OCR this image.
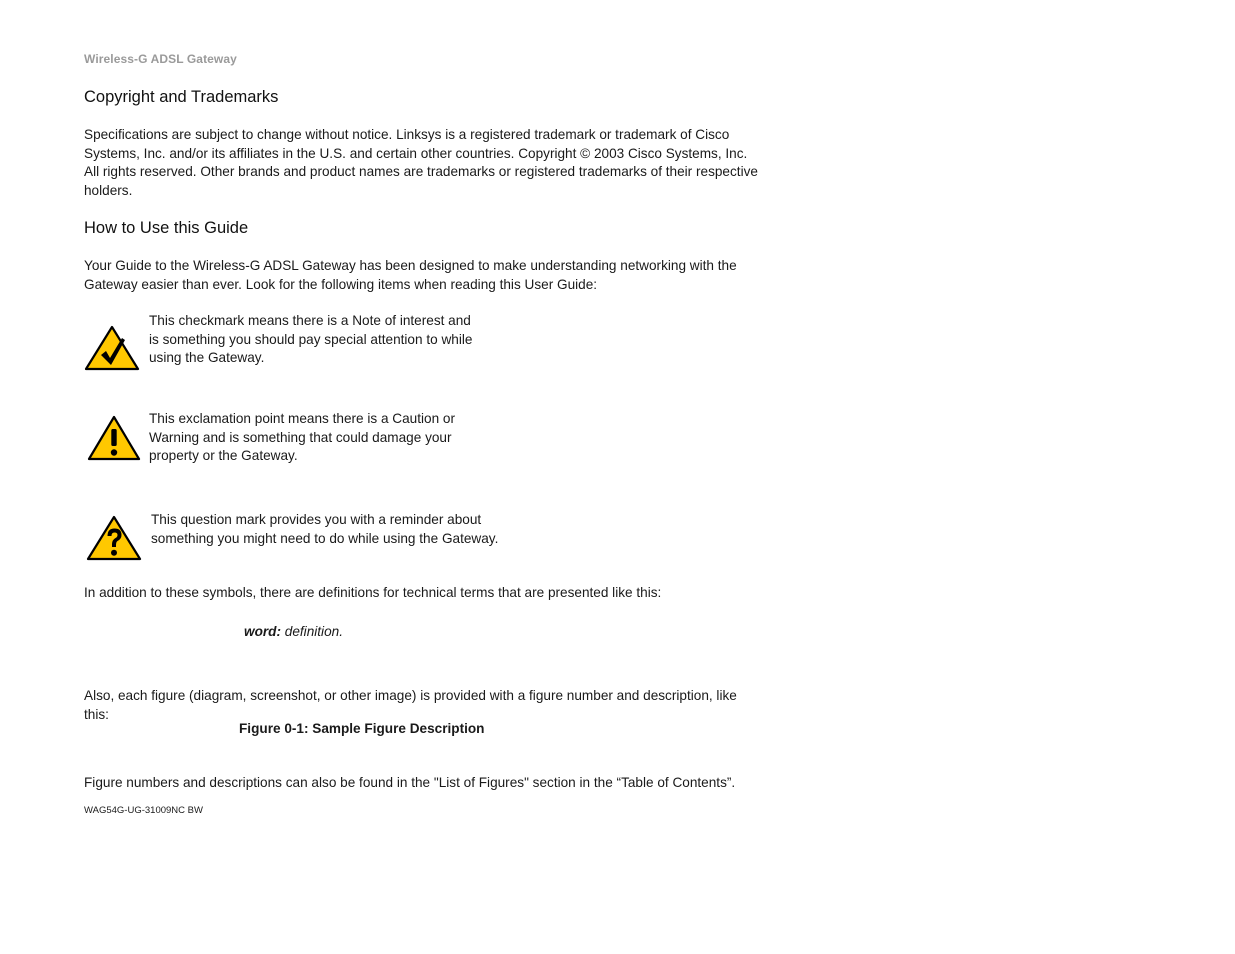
Wireless-G ADSL Gateway
Copyright and Trademarks

Specifications are subject to change without notice. Linksys is a registered trademark or trademark of Cisco Systems, Inc. and/or its affiliates in the U.S. and certain other countries. Copyright © 2003 Cisco Systems, Inc. All rights reserved. Other brands and product names are trademarks or registered trademarks of their respective holders.

How to Use this Guide

Your Guide to the Wireless-G ADSL Gateway has been designed to make understanding networking with the Gateway easier than ever. Look for the following items when reading this User Guide:

This checkmark means there is a Note of interest and is something you should pay special attention to while using the Gateway.

This exclamation point means there is a Caution or Warning and is something that could damage your property or the Gateway.

This question mark provides you with a reminder about something you might need to do while using the Gateway.

In addition to these symbols, there are definitions for technical terms that are presented like this:

word: definition.

Also, each figure (diagram, screenshot, or other image) is provided with a figure number and description, like this:

Figure 0-1: Sample Figure Description

Figure numbers and descriptions can also be found in the "List of Figures" section in the “Table of Contents”.

WAG54G-UG-31009NC BW
